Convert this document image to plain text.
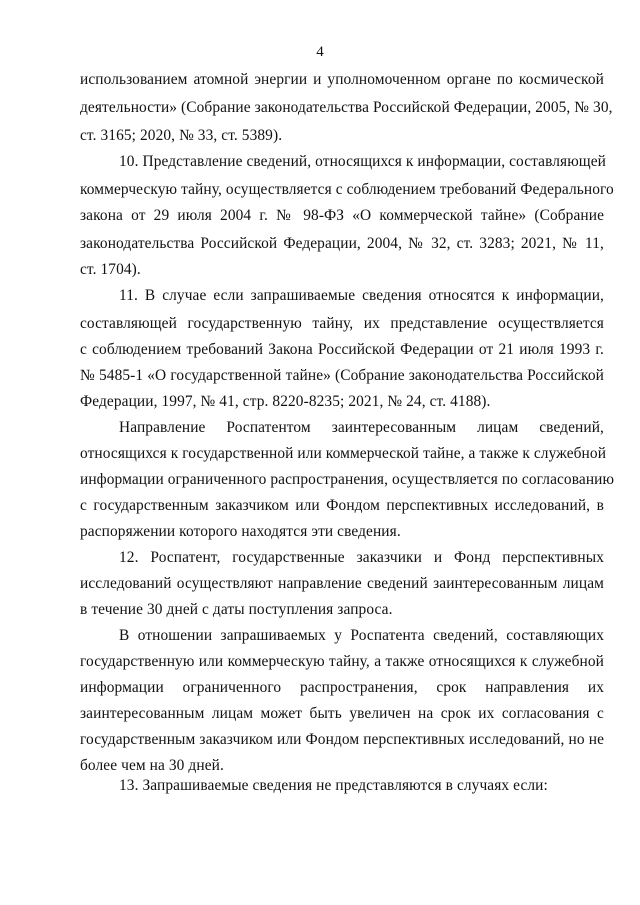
4
использованием атомной энергии и уполномоченном органе по космической
деятельности» (Собрание законодательства Российской Федерации, 2005, № 30,
ст. 3165; 2020, № 33, ст. 5389).
10. Представление сведений, относящихся к информации, составляющей
коммерческую тайну, осуществляется с соблюдением требований Федерального
закона от 29 июля 2004 г. № 98-ФЗ «О коммерческой тайне» (Собрание
законодательства Российской Федерации, 2004, № 32, ст. 3283; 2021, № 11,
ст. 1704).
11. В случае если запрашиваемые сведения относятся к информации,
составляющей государственную тайну, их представление осуществляется
с соблюдением требований Закона Российской Федерации от 21 июля 1993 г.
№ 5485-1 «О государственной тайне» (Собрание законодательства Российской
Федерации, 1997, № 41, стр. 8220-8235; 2021, № 24, ст. 4188).
Направление Роспатентом заинтересованным лицам сведений,
относящихся к государственной или коммерческой тайне, а также к служебной
информации ограниченного распространения, осуществляется по согласованию
с государственным заказчиком или Фондом перспективных исследований, в
распоряжении которого находятся эти сведения.
12. Роспатент, государственные заказчики и Фонд перспективных
исследований осуществляют направление сведений заинтересованным лицам
в течение 30 дней с даты поступления запроса.
В отношении запрашиваемых у Роспатента сведений, составляющих
государственную или коммерческую тайну, а также относящихся к служебной
информации ограниченного распространения, срок направления их
заинтересованным лицам может быть увеличен на срок их согласования с
государственным заказчиком или Фондом перспективных исследований, но не
более чем на 30 дней.
13. Запрашиваемые сведения не представляются в случаях если:
